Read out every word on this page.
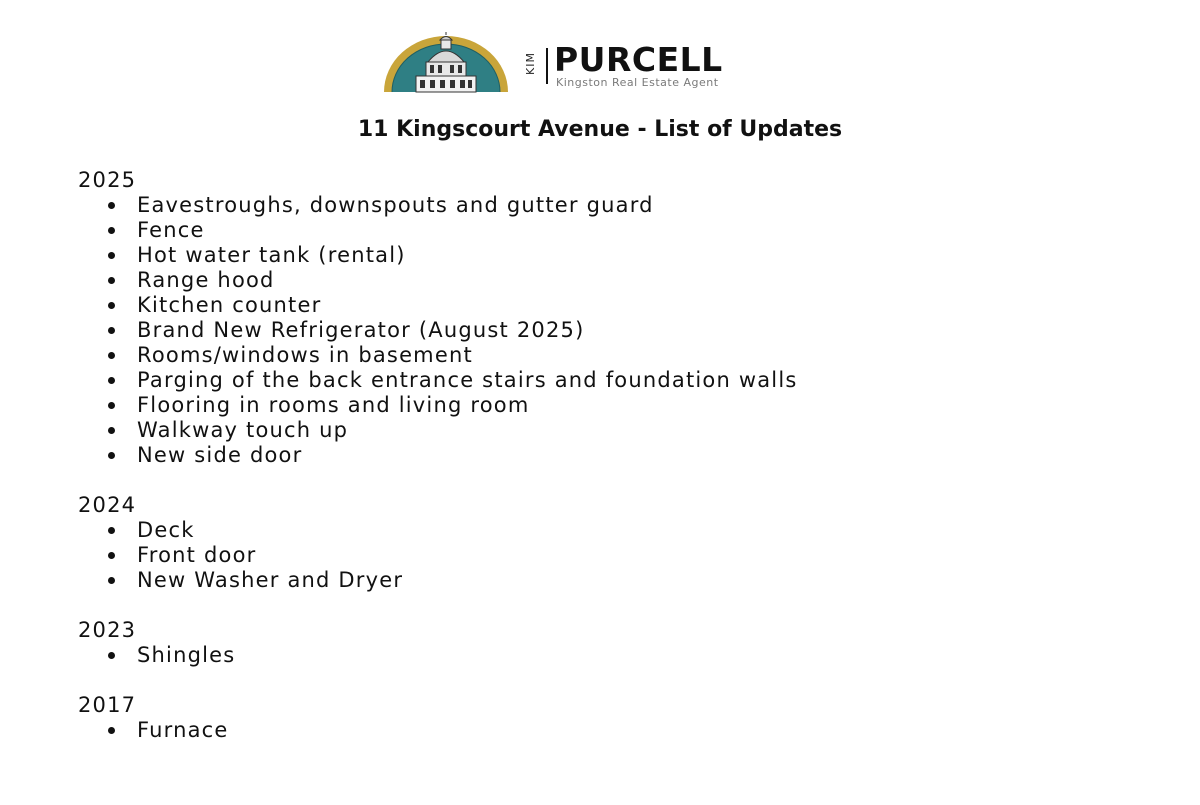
KIM PURCELL
Kingston Real Estate Agent
11 Kingscourt Avenue - List of Updates
2025
Eavestroughs, downspouts and gutter guard
Fence
Hot water tank (rental)
Range hood
Kitchen counter
Brand New Refrigerator (August 2025)
Rooms/windows in basement
Parging of the back entrance stairs and foundation walls
Flooring in rooms and living room
Walkway touch up
New side door
2024
Deck
Front door
New Washer and Dryer
2023
Shingles
2017
Furnace
